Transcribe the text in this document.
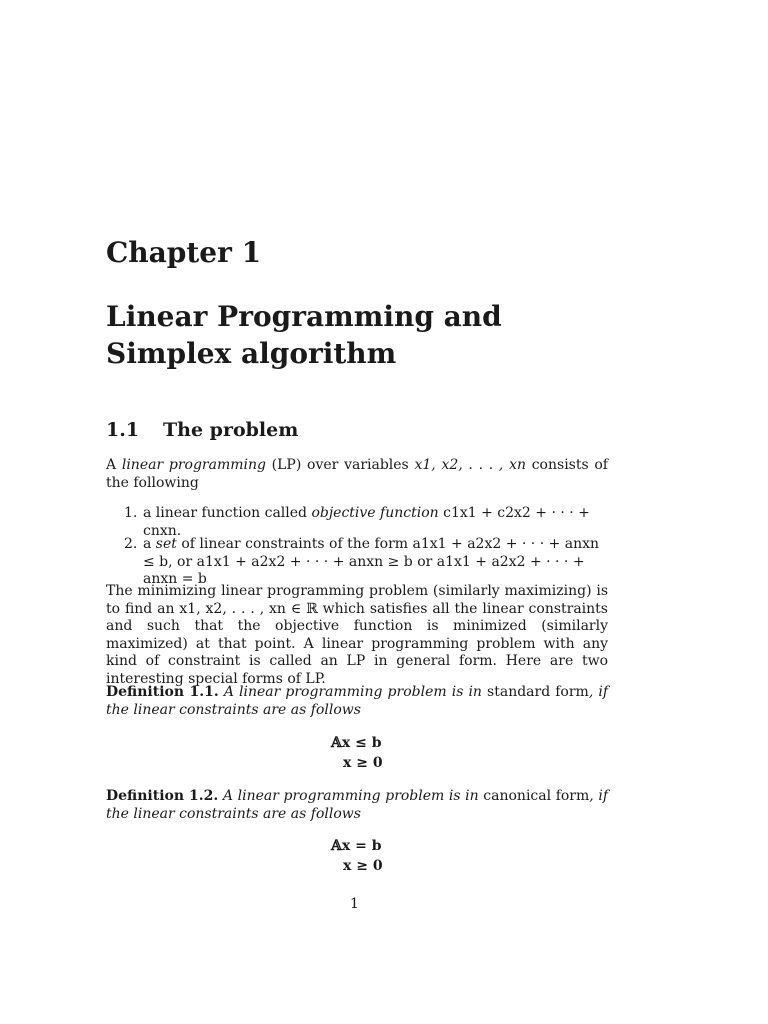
Chapter 1
Linear Programming and Simplex algorithm
1.1 The problem
A linear programming (LP) over variables x1, x2, . . . , xn consists of the following
1. a linear function called objective function c1x1 + c2x2 + · · · + cnxn.
2. a set of linear constraints of the form a1x1 + a2x2 + · · · + anxn ≤ b, or a1x1 + a2x2 + · · · + anxn ≥ b or a1x1 + a2x2 + · · · + anxn = b
The minimizing linear programming problem (similarly maximizing) is to find an x1, x2, . . . , xn ∈ ℝ which satisfies all the linear constraints and such that the objective function is minimized (similarly maximized) at that point. A linear programming problem with any kind of constraint is called an LP in general form. Here are two interesting special forms of LP.
Definition 1.1. A linear programming problem is in standard form, if the linear constraints are as follows
𝔸x ≤ b
x ≥ 0
Definition 1.2. A linear programming problem is in canonical form, if the linear constraints are as follows
𝔸x = b
x ≥ 0
1
